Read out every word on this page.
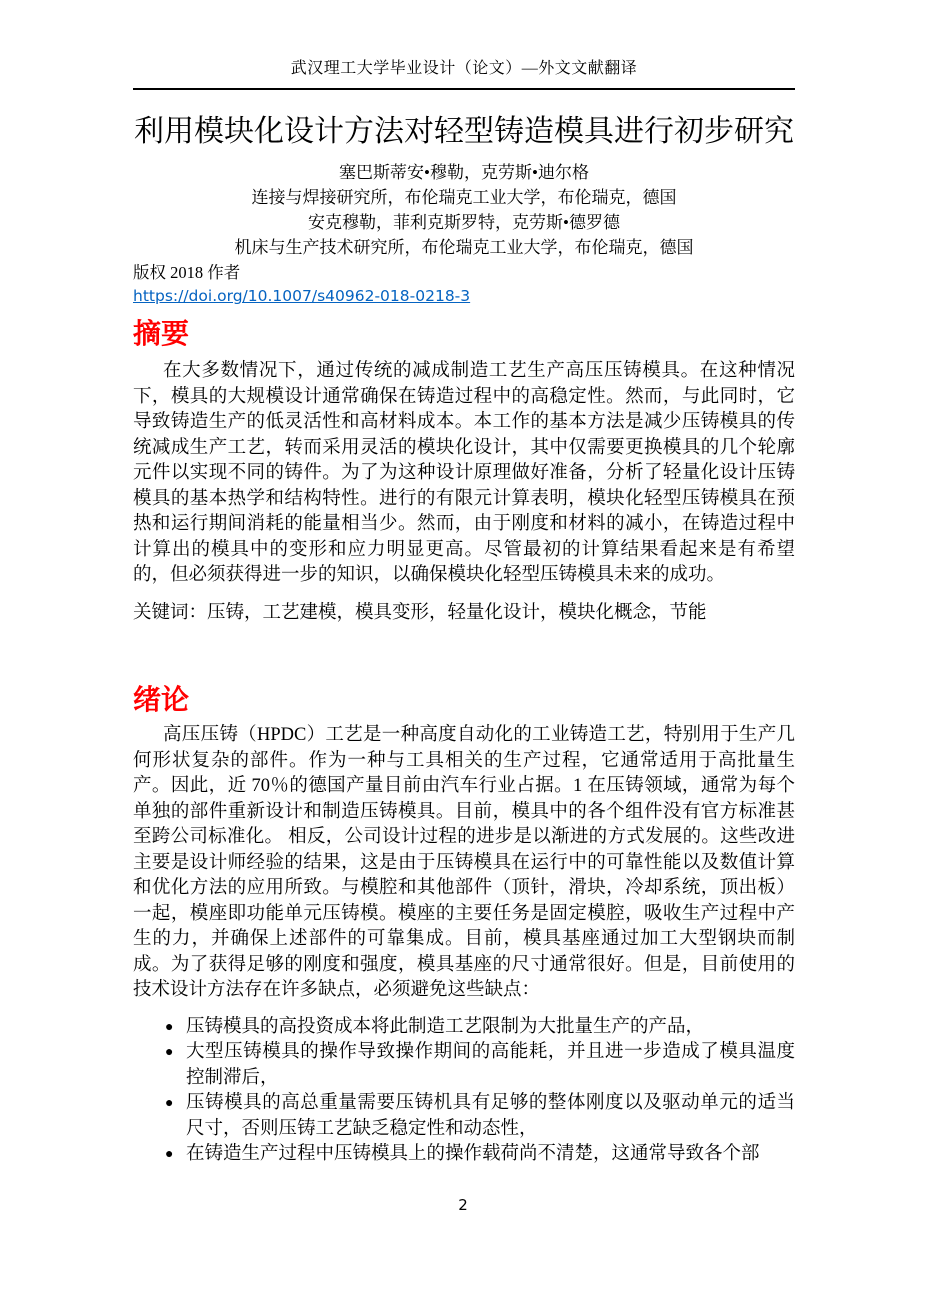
武汉理工大学毕业设计（论文）—外文文献翻译
利用模块化设计方法对轻型铸造模具进行初步研究
塞巴斯蒂安•穆勒，克劳斯•迪尔格
连接与焊接研究所，布伦瑞克工业大学，布伦瑞克，德国
安克穆勒，菲利克斯罗特，克劳斯•德罗德
机床与生产技术研究所，布伦瑞克工业大学，布伦瑞克，德国
版权 2018 作者
https://doi.org/10.1007/s40962-018-0218-3
摘要

在大多数情况下，通过传统的减成制造工艺生产高压压铸模具。在这种情况下，模具的大规模设计通常确保在铸造过程中的高稳定性。然而，与此同时，它导致铸造生产的低灵活性和高材料成本。本工作的基本方法是减少压铸模具的传统减成生产工艺，转而采用灵活的模块化设计，其中仅需要更换模具的几个轮廓元件以实现不同的铸件。为了为这种设计原理做好准备，分析了轻量化设计压铸模具的基本热学和结构特性。进行的有限元计算表明，模块化轻型压铸模具在预热和运行期间消耗的能量相当少。然而，由于刚度和材料的减小，在铸造过程中计算出的模具中的变形和应力明显更高。尽管最初的计算结果看起来是有希望的，但必须获得进一步的知识，以确保模块化轻型压铸模具未来的成功。

关键词：压铸，工艺建模，模具变形，轻量化设计，模块化概念，节能

绪论

高压压铸（HPDC）工艺是一种高度自动化的工业铸造工艺，特别用于生产几何形状复杂的部件。作为一种与工具相关的生产过程，它通常适用于高批量生产。因此，近 70％的德国产量目前由汽车行业占据。1 在压铸领域，通常为每个单独的部件重新设计和制造压铸模具。目前，模具中的各个组件没有官方标准甚至跨公司标准化。 相反，公司设计过程的进步是以渐进的方式发展的。这些改进主要是设计师经验的结果，这是由于压铸模具在运行中的可靠性能以及数值计算和优化方法的应用所致。与模腔和其他部件（顶针，滑块，冷却系统，顶出板）一起，模座即功能单元压铸模。模座的主要任务是固定模腔，吸收生产过程中产生的力，并确保上述部件的可靠集成。目前，模具基座通过加工大型钢块而制成。为了获得足够的刚度和强度，模具基座的尺寸通常很好。但是，目前使用的技术设计方法存在许多缺点，必须避免这些缺点：

● 压铸模具的高投资成本将此制造工艺限制为大批量生产的产品，
● 大型压铸模具的操作导致操作期间的高能耗，并且进一步造成了模具温度控制滞后，
● 压铸模具的高总重量需要压铸机具有足够的整体刚度以及驱动单元的适当尺寸，否则压铸工艺缺乏稳定性和动态性，
● 在铸造生产过程中压铸模具上的操作载荷尚不清楚，这通常导致各个部
2
